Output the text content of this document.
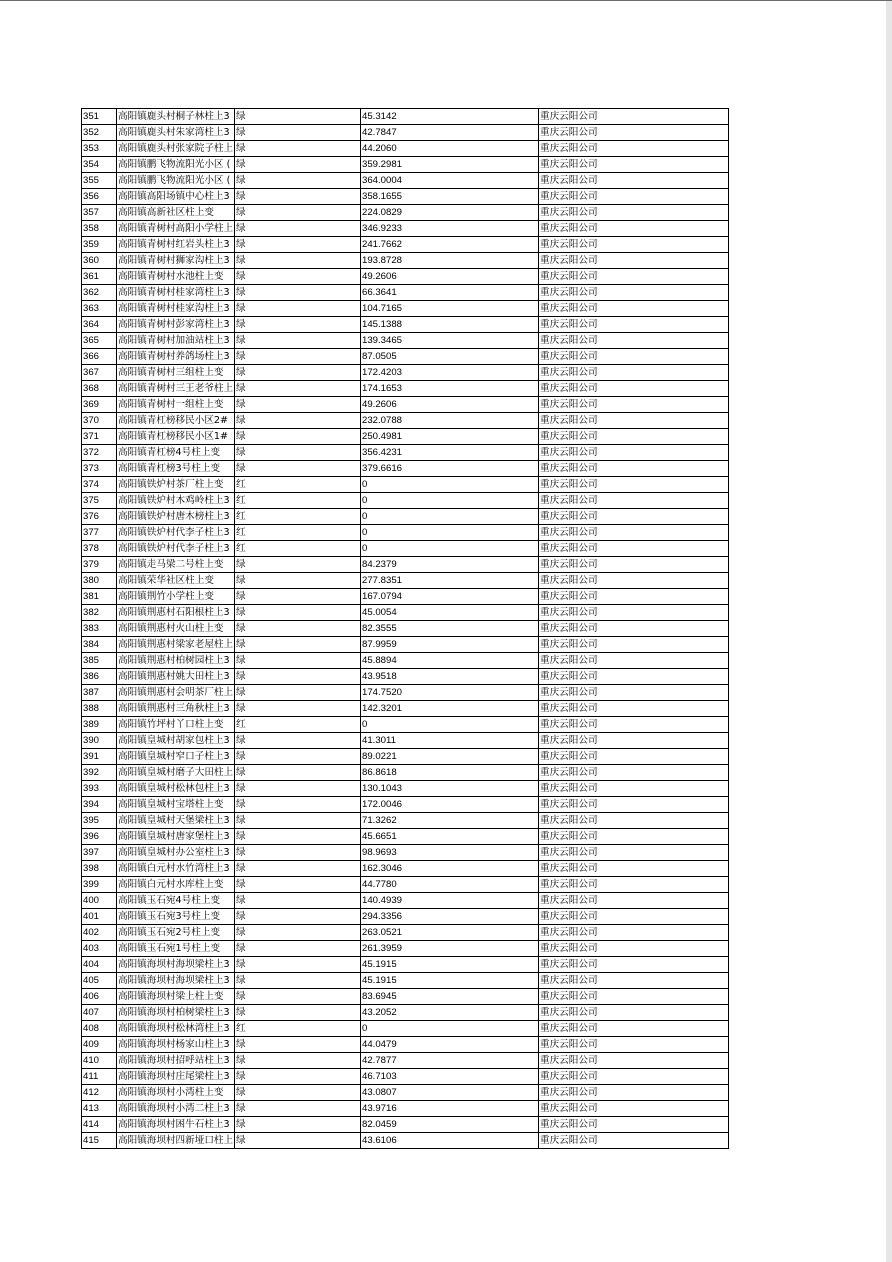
351	高阳镇鹿头村桐子林柱上3	绿	45.3142	重庆云阳公司
352	高阳镇鹿头村朱家湾柱上3	绿	42.7847	重庆云阳公司
353	高阳镇鹿头村张家院子柱上	绿	44.2060	重庆云阳公司
354	高阳镇鹏飞物流阳光小区 (	绿	359.2981	重庆云阳公司
355	高阳镇鹏飞物流阳光小区 (	绿	364.0004	重庆云阳公司
356	高阳镇高阳场镇中心柱上3	绿	358.1655	重庆云阳公司
357	高阳镇高新社区柱上变	绿	224.0829	重庆云阳公司
358	高阳镇青树村高阳小学柱上	绿	346.9233	重庆云阳公司
359	高阳镇青树村红岩头柱上3	绿	241.7662	重庆云阳公司
360	高阳镇青树村狮家沟柱上3	绿	193.8728	重庆云阳公司
361	高阳镇青树村水池柱上变	绿	49.2606	重庆云阳公司
362	高阳镇青树村桂家湾柱上3	绿	66.3641	重庆云阳公司
363	高阳镇青树村桂家沟柱上3	绿	104.7165	重庆云阳公司
364	高阳镇青树村彭家湾柱上3	绿	145.1388	重庆云阳公司
365	高阳镇青树村加油站柱上3	绿	139.3465	重庆云阳公司
366	高阳镇青树村养鸽场柱上3	绿	87.0505	重庆云阳公司
367	高阳镇青树村三组柱上变	绿	172.4203	重庆云阳公司
368	高阳镇青树村三王老爷柱上	绿	174.1653	重庆云阳公司
369	高阳镇青树村一组柱上变	绿	49.2606	重庆云阳公司
370	高阳镇青杠榜移民小区2#	绿	232.0788	重庆云阳公司
371	高阳镇青杠榜移民小区1#	绿	250.4981	重庆云阳公司
372	高阳镇青杠榜4号柱上变	绿	356.4231	重庆云阳公司
373	高阳镇青杠榜3号柱上变	绿	379.6616	重庆云阳公司
374	高阳镇铁炉村茶厂柱上变	红	0	重庆云阳公司
375	高阳镇铁炉村木鸡岭柱上3	红	0	重庆云阳公司
376	高阳镇铁炉村唐木榜柱上3	红	0	重庆云阳公司
377	高阳镇铁炉村代李子柱上3	红	0	重庆云阳公司
378	高阳镇铁炉村代李子柱上3	红	0	重庆云阳公司
379	高阳镇走马梁二号柱上变	绿	84.2379	重庆云阳公司
380	高阳镇荣华社区柱上变	绿	277.8351	重庆云阳公司
381	高阳镇荆竹小学柱上变	绿	167.0794	重庆云阳公司
382	高阳镇荆惠村石阳根柱上3	绿	45.0054	重庆云阳公司
383	高阳镇荆惠村火山柱上变	绿	82.3555	重庆云阳公司
384	高阳镇荆惠村梁家老屋柱上	绿	87.9959	重庆云阳公司
385	高阳镇荆惠村柏树园柱上3	绿	45.8894	重庆云阳公司
386	高阳镇荆惠村姚大田柱上3	绿	43.9518	重庆云阳公司
387	高阳镇荆惠村会明茶厂柱上	绿	174.7520	重庆云阳公司
388	高阳镇荆惠村三角秋柱上3	绿	142.3201	重庆云阳公司
389	高阳镇竹坪村丫口柱上变	红	0	重庆云阳公司
390	高阳镇皇城村胡家包柱上3	绿	41.3011	重庆云阳公司
391	高阳镇皇城村窄口子柱上3	绿	89.0221	重庆云阳公司
392	高阳镇皇城村磨子大田柱上	绿	86.8618	重庆云阳公司
393	高阳镇皇城村松林包柱上3	绿	130.1043	重庆云阳公司
394	高阳镇皇城村宝塔柱上变	绿	172.0046	重庆云阳公司
395	高阳镇皇城村天堡梁柱上3	绿	71.3262	重庆云阳公司
396	高阳镇皇城村唐家堡柱上3	绿	45.6651	重庆云阳公司
397	高阳镇皇城村办公室柱上3	绿	98.9693	重庆云阳公司
398	高阳镇白元村水竹湾柱上3	绿	162.3046	重庆云阳公司
399	高阳镇白元村水库柱上变	绿	44.7780	重庆云阳公司
400	高阳镇玉石宛4号柱上变	绿	140.4939	重庆云阳公司
401	高阳镇玉石宛3号柱上变	绿	294.3356	重庆云阳公司
402	高阳镇玉石宛2号柱上变	绿	263.0521	重庆云阳公司
403	高阳镇玉石宛1号柱上变	绿	261.3959	重庆云阳公司
404	高阳镇海坝村海坝梁柱上3	绿	45.1915	重庆云阳公司
405	高阳镇海坝村海坝梁柱上3	绿	45.1915	重庆云阳公司
406	高阳镇海坝村梁上柱上变	绿	83.6945	重庆云阳公司
407	高阳镇海坝村柏树梁柱上3	绿	43.2052	重庆云阳公司
408	高阳镇海坝村松林湾柱上3	红	0	重庆云阳公司
409	高阳镇海坝村杨家山柱上3	绿	44.0479	重庆云阳公司
410	高阳镇海坝村招呼站柱上3	绿	42.7877	重庆云阳公司
411	高阳镇海坝村庄尾梁柱上3	绿	46.7103	重庆云阳公司
412	高阳镇海坝村小湾柱上变	绿	43.0807	重庆云阳公司
413	高阳镇海坝村小湾二柱上3	绿	43.9716	重庆云阳公司
414	高阳镇海坝村困牛石柱上3	绿	82.0459	重庆云阳公司
415	高阳镇海坝村四新垭口柱上	绿	43.6106	重庆云阳公司
